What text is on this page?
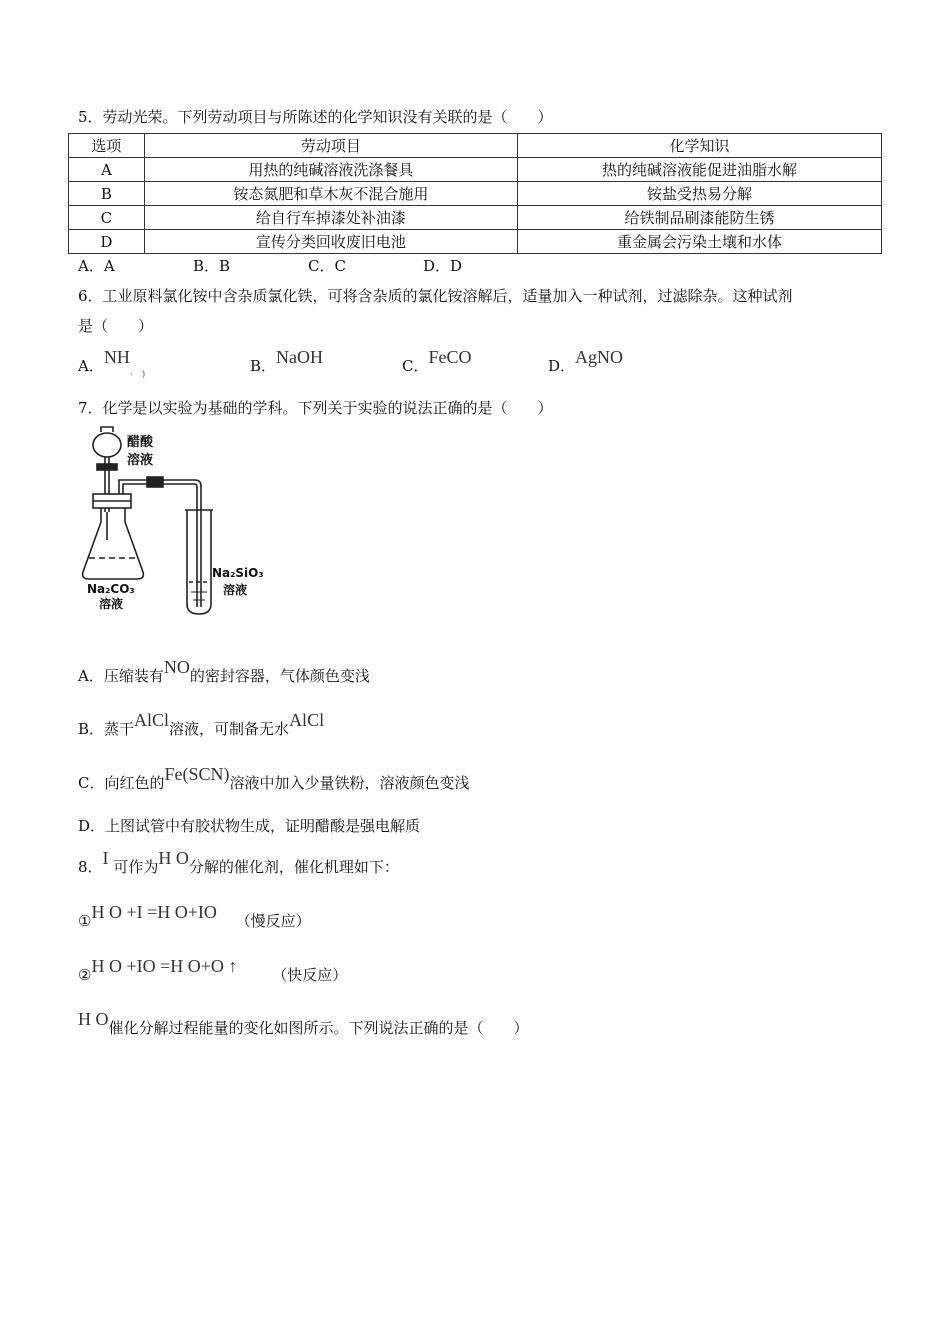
5．劳动光荣。下列劳动项目与所陈述的化学知识没有关联的是（　　）
选项	劳动项目	化学知识
A	用热的纯碱溶液洗涤餐具	热的纯碱溶液能促进油脂水解
B	铵态氮肥和草木灰不混合施用	铵盐受热易分解
C	给自行车掉漆处补油漆	给铁制品刷漆能防生锈
D	宣传分类回收废旧电池	重金属会污染土壤和水体
A．A	B．B	C．C	D．D
6．工业原料氯化铵中含杂质氯化铁，可将含杂质的氯化铵溶解后，适量加入一种试剂，过滤除杂。这种试剂
是（　　）
A．$NH_{\cdot )}$	B．NaOH	C．FeCO	D．AgNO
7．化学是以实验为基础的学科。下列关于实验的说法正确的是（　　）
醋酸
溶液
Na₂CO₃
溶液
Na₂SiO₃
溶液
A．压缩装有NO的密封容器，气体颜色变浅
B．蒸干AlCl溶液，可制备无水AlCl
C．向红色的Fe(SCN)溶液中加入少量铁粉，溶液颜色变浅
D．上图试管中有胶状物生成，证明醋酸是强电解质
8．I 可作为H O分解的催化剂，催化机理如下：
①H O +I =H O+IO （慢反应）
②H O +IO =H O+O ↑ （快反应）
H O催化分解过程能量的变化如图所示。下列说法正确的是（　　）
